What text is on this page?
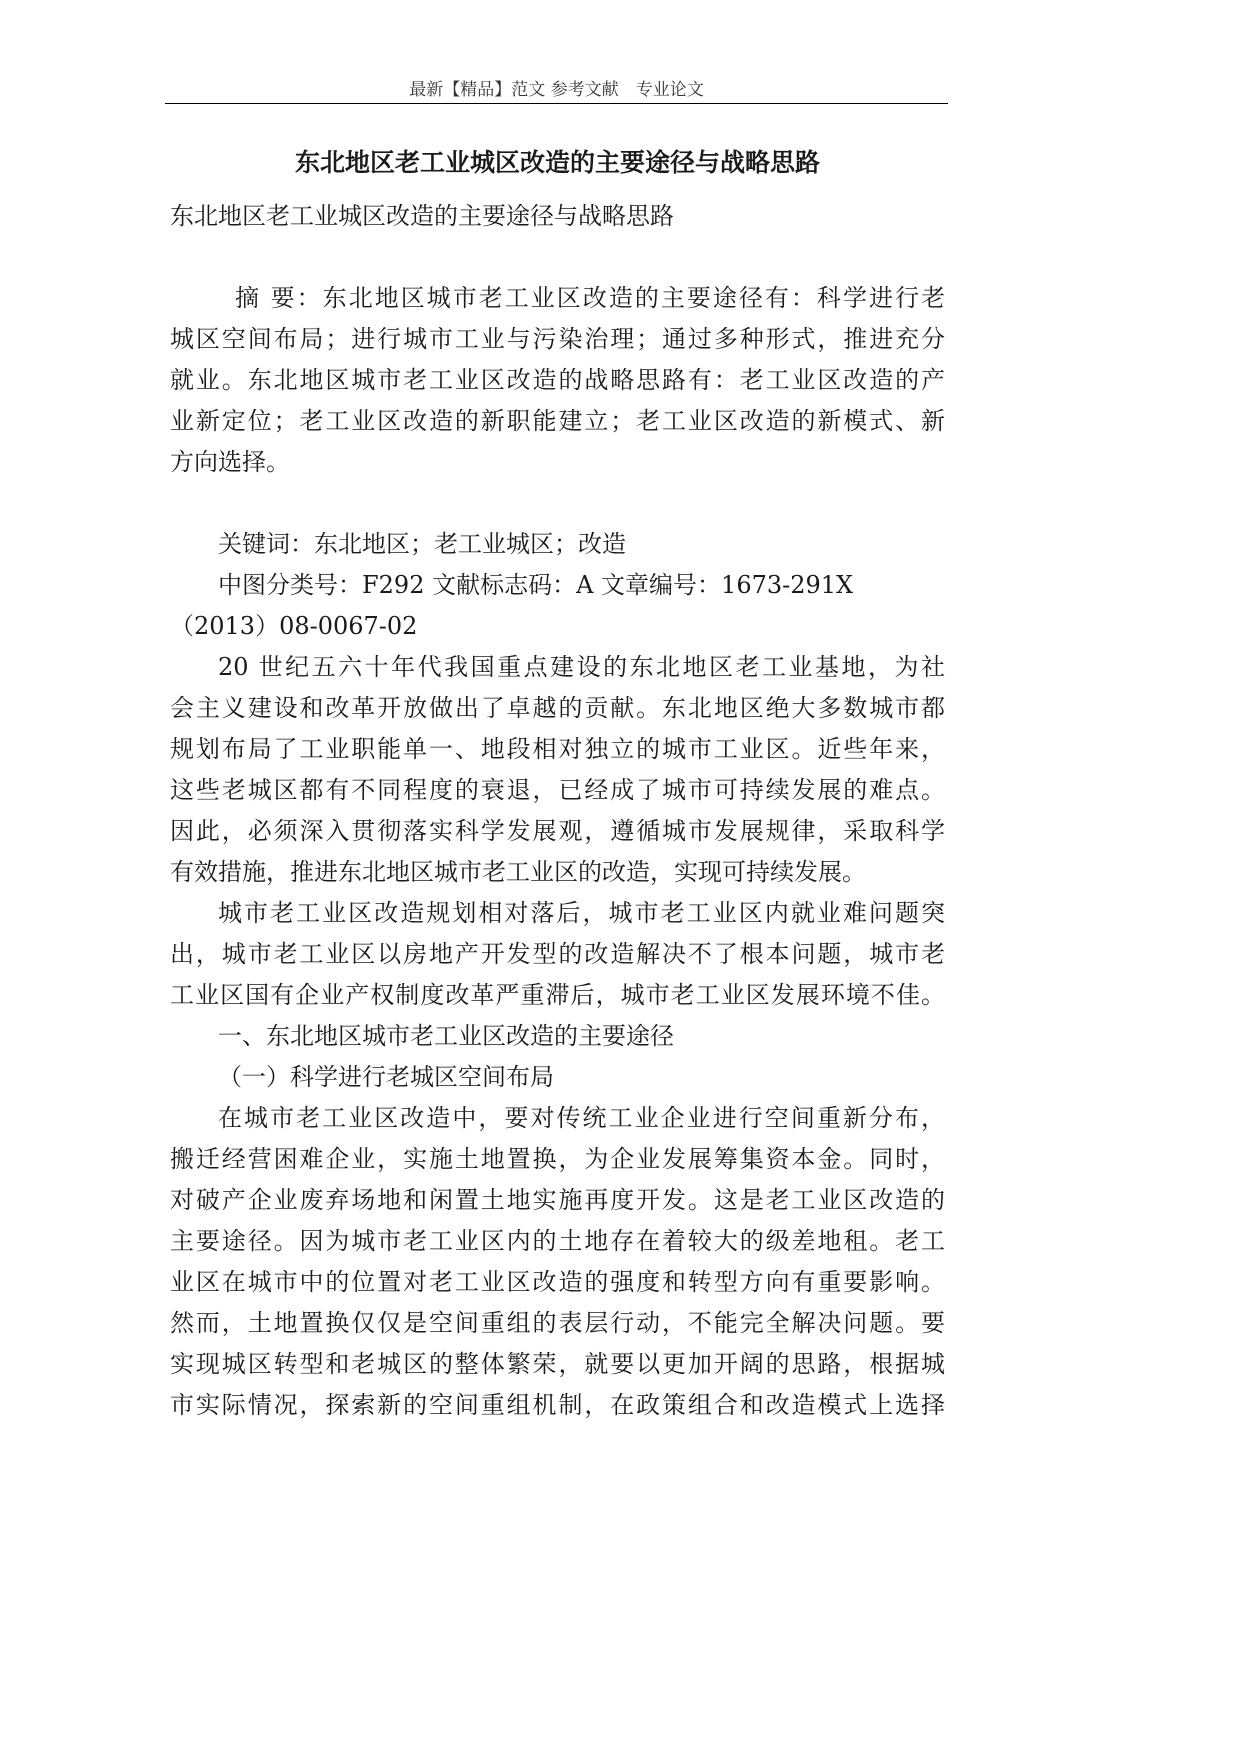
最新【精品】范文 参考文献　专业论文
东北地区老工业城区改造的主要途径与战略思路
东北地区老工业城区改造的主要途径与战略思路
摘 要：东北地区城市老工业区改造的主要途径有：科学进行老
城区空间布局；进行城市工业与污染治理；通过多种形式，推进充分
就业。东北地区城市老工业区改造的战略思路有：老工业区改造的产
业新定位；老工业区改造的新职能建立；老工业区改造的新模式、新
方向选择。
关键词：东北地区；老工业城区；改造
中图分类号：F292 文献标志码：A 文章编号：1673-291X
（2013）08-0067-02
20 世纪五六十年代我国重点建设的东北地区老工业基地，为社
会主义建设和改革开放做出了卓越的贡献。东北地区绝大多数城市都
规划布局了工业职能单一、地段相对独立的城市工业区。近些年来，
这些老城区都有不同程度的衰退，已经成了城市可持续发展的难点。
因此，必须深入贯彻落实科学发展观，遵循城市发展规律，采取科学
有效措施，推进东北地区城市老工业区的改造，实现可持续发展。
城市老工业区改造规划相对落后，城市老工业区内就业难问题突
出，城市老工业区以房地产开发型的改造解决不了根本问题，城市老
工业区国有企业产权制度改革严重滞后，城市老工业区发展环境不佳。
一、东北地区城市老工业区改造的主要途径
（一）科学进行老城区空间布局
在城市老工业区改造中，要对传统工业企业进行空间重新分布，
搬迁经营困难企业，实施土地置换，为企业发展筹集资本金。同时，
对破产企业废弃场地和闲置土地实施再度开发。这是老工业区改造的
主要途径。因为城市老工业区内的土地存在着较大的级差地租。老工
业区在城市中的位置对老工业区改造的强度和转型方向有重要影响。
然而，土地置换仅仅是空间重组的表层行动，不能完全解决问题。要
实现城区转型和老城区的整体繁荣，就要以更加开阔的思路，根据城
市实际情况，探索新的空间重组机制，在政策组合和改造模式上选择
